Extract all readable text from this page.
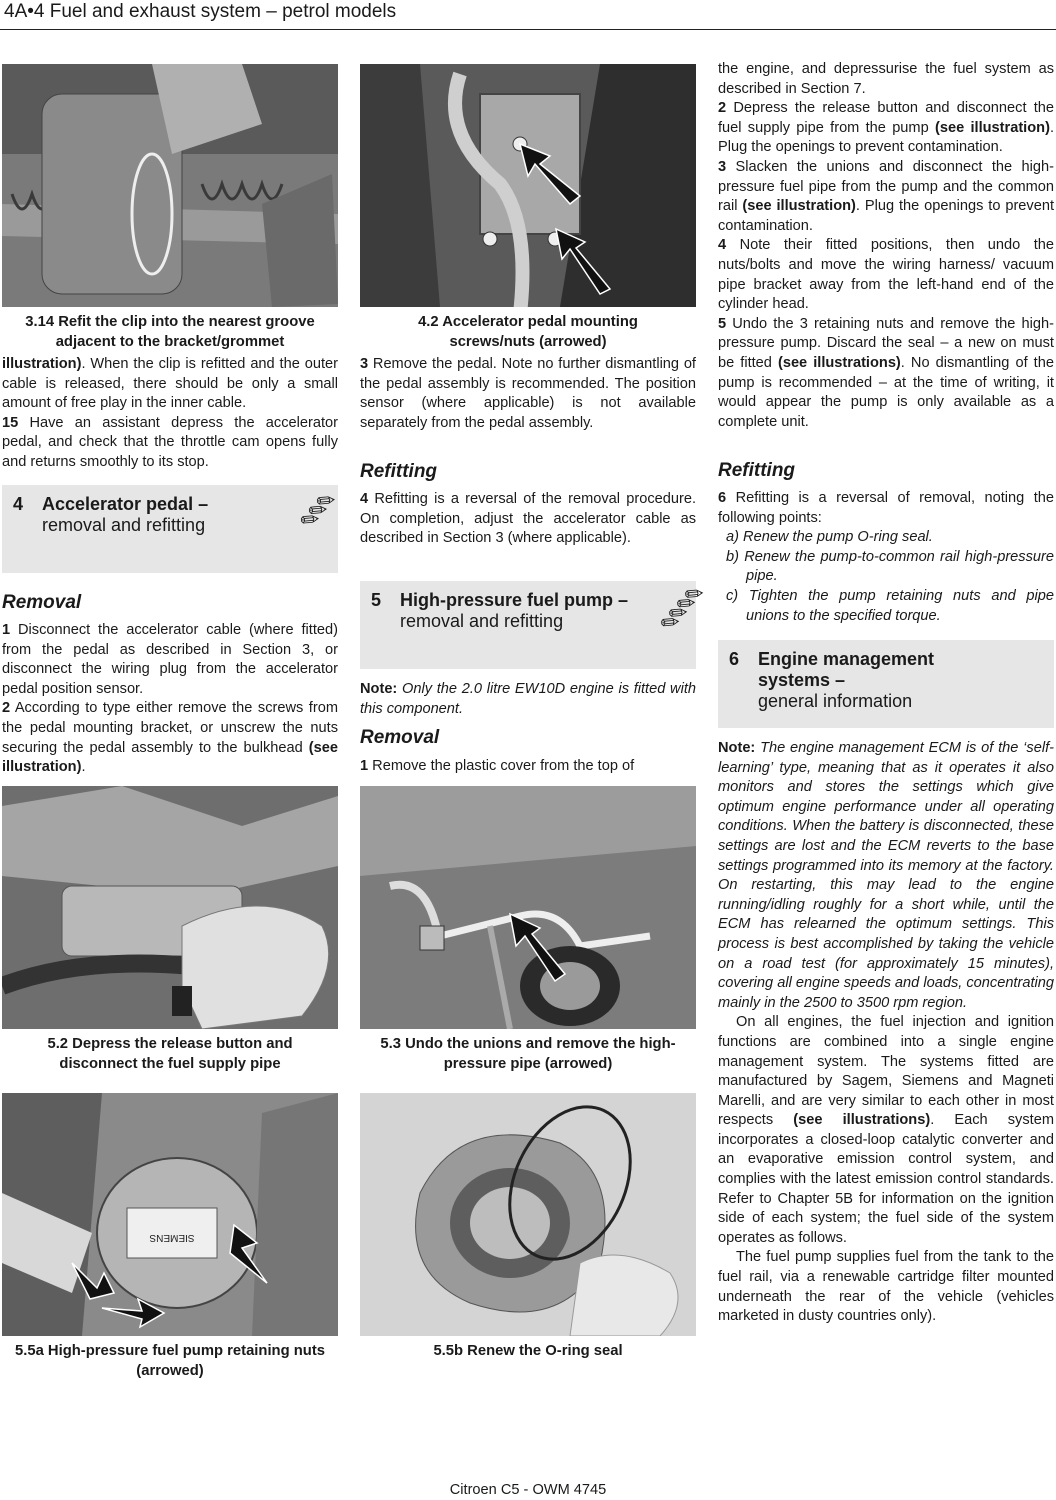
4A•4 Fuel and exhaust system – petrol models
3.14 Refit the clip into the nearest groove adjacent to the bracket/grommet

illustration). When the clip is refitted and the outer cable is released, there should be only a small amount of free play in the inner cable.

15 Have an assistant depress the accelerator pedal, and check that the throttle cam opens fully and returns smoothly to its stop.

4 Accelerator pedal –
removal and refitting	✎✎✎
Removal

1 Disconnect the accelerator cable (where fitted) from the pedal as described in Section 3, or disconnect the wiring plug from the accelerator pedal position sensor.

2 According to type either remove the screws from the pedal mounting bracket, or unscrew the nuts securing the pedal assembly to the bulkhead (see illustration).

5.2 Depress the release button and disconnect the fuel supply pipe
SIEMENS
5.5a High-pressure fuel pump retaining nuts (arrowed)
4.2 Accelerator pedal mounting screws/nuts (arrowed)

3 Remove the pedal. Note no further dismantling of the pedal assembly is recommended. The position sensor (where applicable) is not available separately from the pedal assembly.

Refitting

4 Refitting is a reversal of the removal procedure. On completion, adjust the accelerator cable as described in Section 3 (where applicable).

5 High-pressure fuel pump –
removal and refitting	✎✎✎✎

Note: Only the 2.0 litre EW10D engine is fitted with this component.

Removal

1 Remove the plastic cover from the top of

5.3 Undo the unions and remove the high-pressure pipe (arrowed)
5.5b Renew the O-ring seal

the engine, and depressurise the fuel system as described in Section 7.

2 Depress the release button and disconnect the fuel supply pipe from the pump (see illustration). Plug the openings to prevent contamination.

3 Slacken the unions and disconnect the high-pressure fuel pipe from the pump and the common rail (see illustration). Plug the openings to prevent contamination.

4 Note their fitted positions, then undo the nuts/bolts and move the wiring harness/ vacuum pipe bracket away from the left-hand end of the cylinder head.

5 Undo the 3 retaining nuts and remove the high-pressure pump. Discard the seal – a new on must be fitted (see illustrations). No dismantling of the pump is recommended – at the time of writing, it would appear the pump is only available as a complete unit.

Refitting

6 Refitting is a reversal of removal, noting the following points:

a) Renew the pump O-ring seal.
b) Renew the pump-to-common rail high-pressure pipe.
c) Tighten the pump retaining nuts and pipe unions to the specified torque.
6 Engine management
systems –
general information

Note: The engine management ECM is of the ‘self-learning’ type, meaning that as it operates it also monitors and stores the settings which give optimum engine performance under all operating conditions. When the battery is disconnected, these settings are lost and the ECM reverts to the base settings programmed into its memory at the factory. On restarting, this may lead to the engine running/idling roughly for a short while, until the ECM has relearned the optimum settings. This process is best accomplished by taking the vehicle on a road test (for approximately 15 minutes), covering all engine speeds and loads, concentrating mainly in the 2500 to 3500 rpm region.

On all engines, the fuel injection and ignition functions are combined into a single engine management system. The systems fitted are manufactured by Sagem, Siemens and Magneti Marelli, and are very similar to each other in most respects (see illustrations). Each system incorporates a closed-loop catalytic converter and an evaporative emission control system, and complies with the latest emission control standards. Refer to Chapter 5B for information on the ignition side of each system; the fuel side of the system operates as follows.

The fuel pump supplies fuel from the tank to the fuel rail, via a renewable cartridge filter mounted underneath the rear of the vehicle (vehicles marketed in dusty countries only).

Citroen C5 - OWM 4745
